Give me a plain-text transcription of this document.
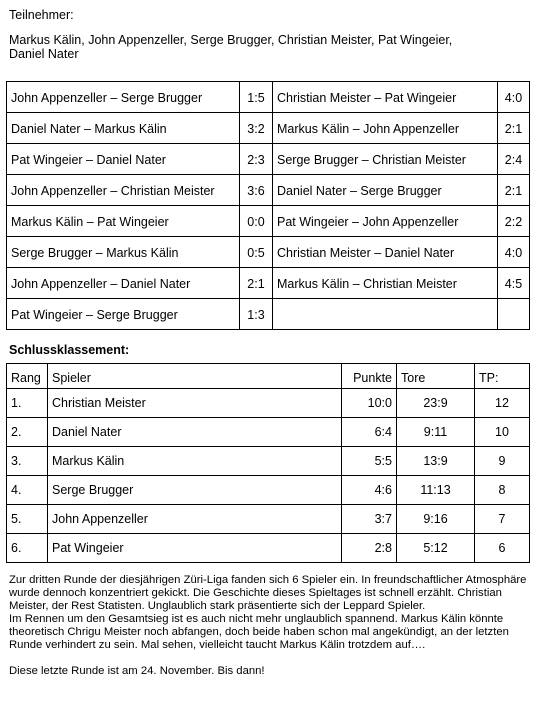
Teilnehmer:
Markus Kälin, John Appenzeller, Serge Brugger, Christian Meister, Pat Wingeier,
Daniel Nater
John Appenzeller – Serge Brugger	1:5	Christian Meister – Pat Wingeier	4:0
Daniel Nater – Markus Kälin	3:2	Markus Kälin – John Appenzeller	2:1
Pat Wingeier – Daniel Nater	2:3	Serge Brugger – Christian Meister	2:4
John Appenzeller – Christian Meister	3:6	Daniel Nater – Serge Brugger	2:1
Markus Kälin – Pat Wingeier	0:0	Pat Wingeier – John Appenzeller	2:2
Serge Brugger – Markus Kälin	0:5	Christian Meister – Daniel Nater	4:0
John Appenzeller – Daniel Nater	2:1	Markus Kälin – Christian Meister	4:5
Pat Wingeier – Serge Brugger	1:3		
Schlussklassement:
Rang	Spieler	Punkte	Tore	TP:
1.	Christian Meister	10:0	23:9	12
2.	Daniel Nater	6:4	9:11	10
3.	Markus Kälin	5:5	13:9	9
4.	Serge Brugger	4:6	11:13	8
5.	John Appenzeller	3:7	9:16	7
6.	Pat Wingeier	2:8	5:12	6

Zur dritten Runde der diesjährigen Züri-Liga fanden sich 6 Spieler ein. In freundschaftlicher Atmosphäre wurde dennoch konzentriert gekickt. Die Geschichte dieses Spieltages ist schnell erzählt. Christian Meister, der Rest Statisten. Unglaublich stark präsentierte sich der Leppard Spieler.

Im Rennen um den Gesamtsieg ist es auch nicht mehr unglaublich spannend. Markus Kälin könnte theoretisch Chrigu Meister noch abfangen, doch beide haben schon mal angekündigt, an der letzten Runde verhindert zu sein. Mal sehen, vielleicht taucht Markus Kälin trotzdem auf….

Diese letzte Runde ist am 24. November. Bis dann!
